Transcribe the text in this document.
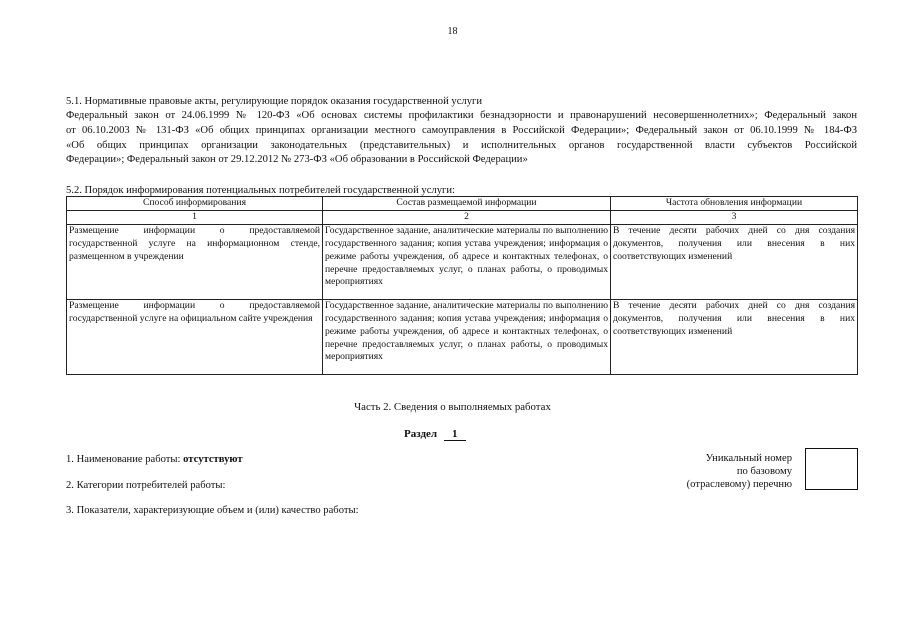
18
5.1. Нормативные правовые акты, регулирующие порядок оказания государственной услуги
Федеральный закон от 24.06.1999 № 120-ФЗ «Об основах системы профилактики безнадзорности и правонарушений несовершеннолетних»; Федеральный закон
от 06.10.2003 № 131-ФЗ «Об общих принципах организации местного самоуправления в Российской Федерации»; Федеральный закон от 06.10.1999 № 184-ФЗ
«Об общих принципах организации законодательных (представительных) и исполнительных органов государственной власти субъектов Российской
Федерации»; Федеральный закон от 29.12.2012 № 273-ФЗ «Об образовании в Российской Федерации»
5.2. Порядок информирования потенциальных потребителей государственной услуги:
Способ информирования	Состав размещаемой информации	Частота обновления информации
1	2	3
Размещение информации о предоставляемой государственной услуге на информационном стенде, размещенном в учреждении	Государственное задание, аналитические материалы по выполнению государственного задания; копия устава учреждения; информация о режиме работы учреждения, об адресе и контактных телефонах, о перечне предоставляемых услуг, о планах работы, о проводимых мероприятиях	В течение десяти рабочих дней со дня создания документов, получения или внесения в них соответствующих изменений
Размещение информации о предоставляемой государственной услуге на официальном сайте учреждения	Государственное задание, аналитические материалы по выполнению государственного задания; копия устава учреждения; информация о режиме работы учреждения, об адресе и контактных телефонах, о перечне предоставляемых услуг, о планах работы, о проводимых мероприятиях	В течение десяти рабочих дней со дня создания документов, получения или внесения в них соответствующих изменений
Часть 2. Сведения о выполняемых работах
Раздел	1
1. Наименование работы: отсутствуют
2. Категории потребителей работы:
3. Показатели, характеризующие объем и (или) качество работы:
Уникальный номер
по базовому
(отраслевому) перечню
